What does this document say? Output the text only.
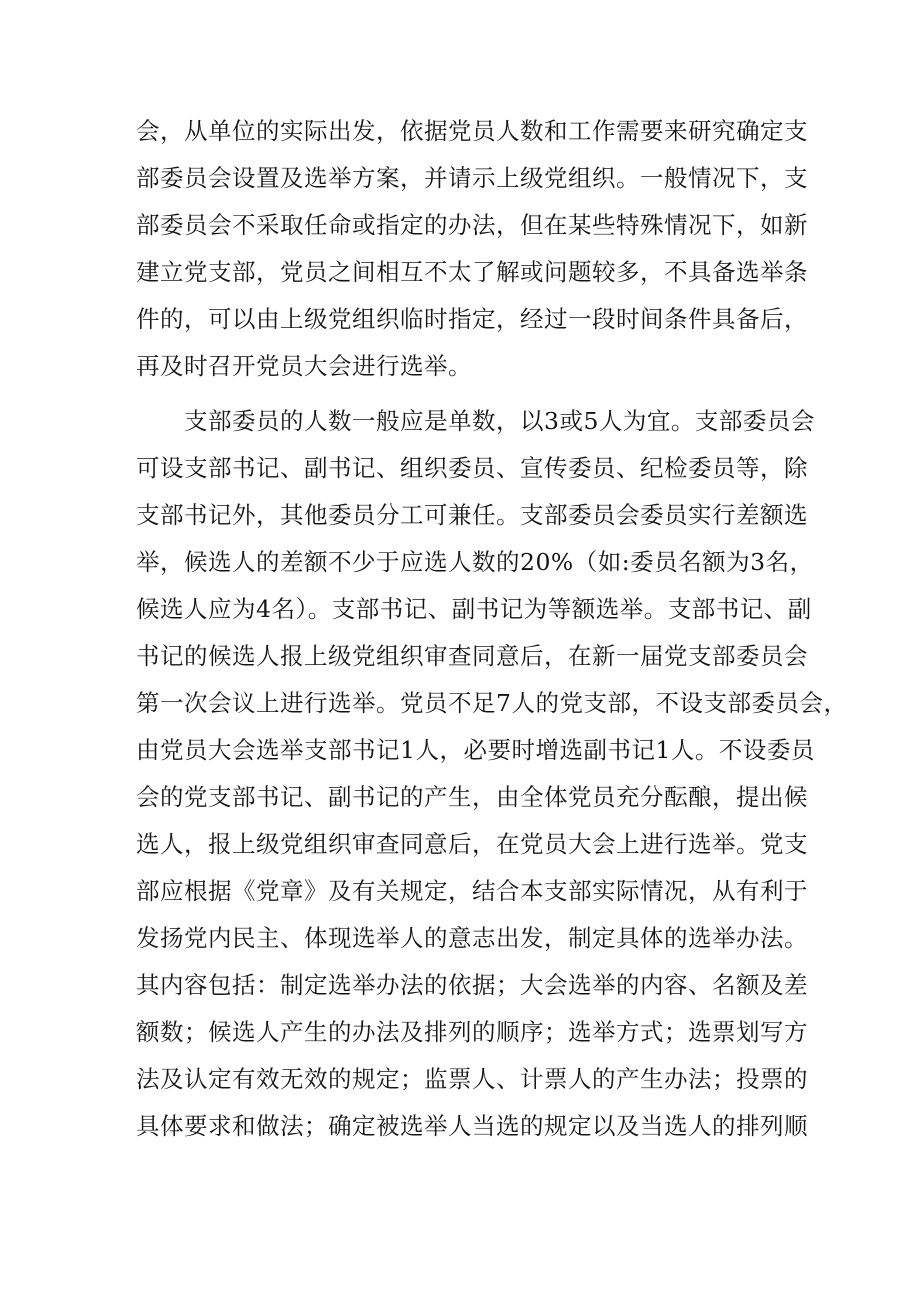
会，从单位的实际出发，依据党员人数和工作需要来研究确定支
部委员会设置及选举方案，并请示上级党组织。一般情况下，支
部委员会不采取任命或指定的办法，但在某些特殊情况下，如新
建立党支部，党员之间相互不太了解或问题较多，不具备选举条
件的，可以由上级党组织临时指定，经过一段时间条件具备后，
再及时召开党员大会进行选举。
支部委员的人数一般应是单数，以3或5人为宜。支部委员会
可设支部书记、副书记、组织委员、宣传委员、纪检委员等，除
支部书记外，其他委员分工可兼任。支部委员会委员实行差额选
举，候选人的差额不少于应选人数的20%（如:委员名额为3名，
候选人应为4名）。支部书记、副书记为等额选举。支部书记、副
书记的候选人报上级党组织审查同意后，在新一届党支部委员会
第一次会议上进行选举。党员不足7人的党支部，不设支部委员会，
由党员大会选举支部书记1人，必要时增选副书记1人。不设委员
会的党支部书记、副书记的产生，由全体党员充分酝酿，提出候
选人，报上级党组织审查同意后，在党员大会上进行选举。党支
部应根据《党章》及有关规定，结合本支部实际情况，从有利于
发扬党内民主、体现选举人的意志出发，制定具体的选举办法。
其内容包括：制定选举办法的依据；大会选举的内容、名额及差
额数；候选人产生的办法及排列的顺序；选举方式；选票划写方
法及认定有效无效的规定；监票人、计票人的产生办法；投票的
具体要求和做法；确定被选举人当选的规定以及当选人的排列顺
